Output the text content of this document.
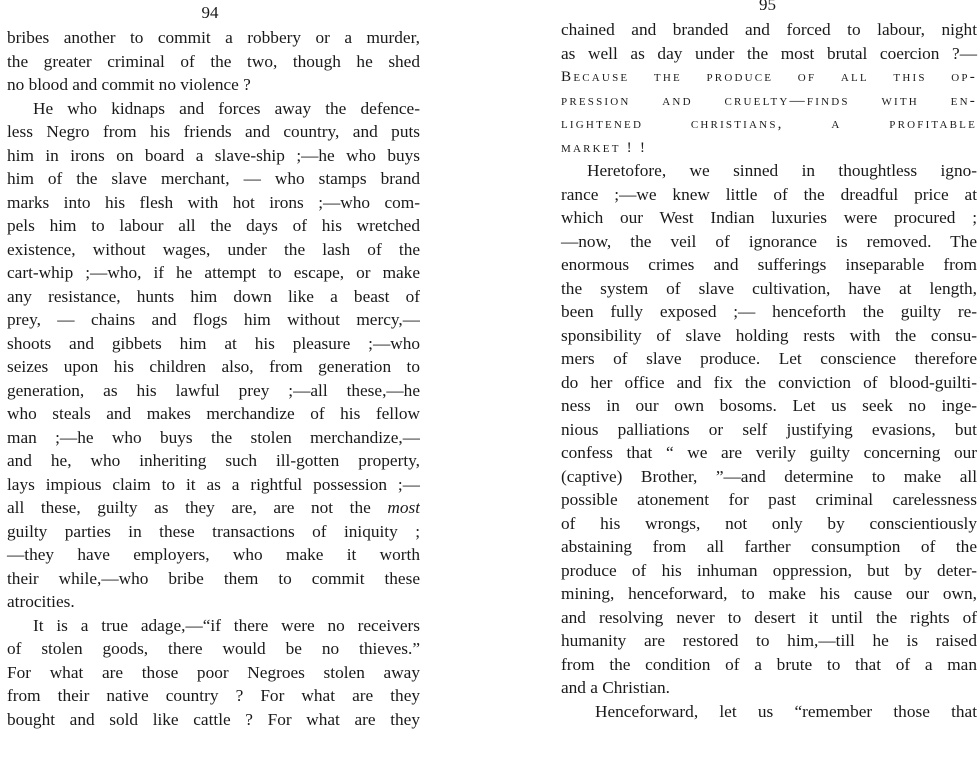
94
bribes another to commit a robbery or a murder,
the greater criminal of the two, though he shed
no blood and commit no violence ?
He who kidnaps and forces away the defence-
less Negro from his friends and country, and puts
him in irons on board a slave-ship ;—he who buys
him of the slave merchant, — who stamps brand
marks into his flesh with hot irons ;—who com-
pels him to labour all the days of his wretched
existence, without wages, under the lash of the
cart-whip ;—who, if he attempt to escape, or make
any resistance, hunts him down like a beast of
prey, — chains and flogs him without mercy,—
shoots and gibbets him at his pleasure ;—who
seizes upon his children also, from generation to
generation, as his lawful prey ;—all these,—he
who steals and makes merchandize of his fellow
man ;—he who buys the stolen merchandize,—
and he, who inheriting such ill-gotten property,
lays impious claim to it as a rightful possession ;—
all these, guilty as they are, are not the most
guilty parties in these transactions of iniquity ;
—they have employers, who make it worth
their while,—who bribe them to commit these
atrocities.
It is a true adage,—“if there were no receivers
of stolen goods, there would be no thieves.”
For what are those poor Negroes stolen away
from their native country ? For what are they
bought and sold like cattle ? For what are they
95
chained and branded and forced to labour, night
as well as day under the most brutal coercion ?—
Because the produce of all this op-
pression and cruelty—finds with en-
lightened christians, a profitable
market ! !
Heretofore, we sinned in thoughtless igno-
rance ;—we knew little of the dreadful price at
which our West Indian luxuries were procured ;
—now, the veil of ignorance is removed. The
enormous crimes and sufferings inseparable from
the system of slave cultivation, have at length,
been fully exposed ;— henceforth the guilty re-
sponsibility of slave holding rests with the consu-
mers of slave produce. Let conscience therefore
do her office and fix the conviction of blood-guilti-
ness in our own bosoms. Let us seek no inge-
nious palliations or self justifying evasions, but
confess that “ we are verily guilty concerning our
(captive) Brother, ”—and determine to make all
possible atonement for past criminal carelessness
of his wrongs, not only by conscientiously
abstaining from all farther consumption of the
produce of his inhuman oppression, but by deter-
mining, henceforward, to make his cause our own,
and resolving never to desert it until the rights of
humanity are restored to him,—till he is raised
from the condition of a brute to that of a man
and a Christian.
Henceforward, let us “remember those that
